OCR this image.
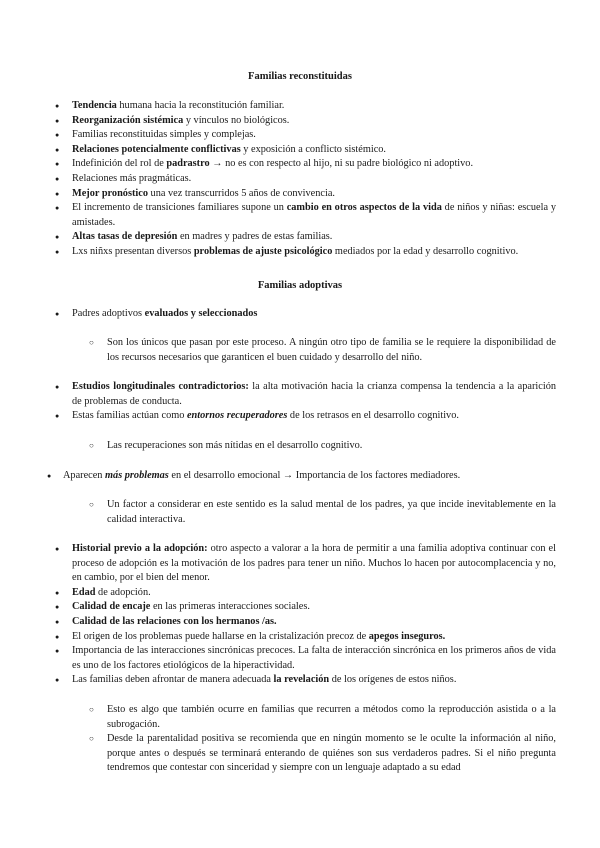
Familias reconstituidas
● Tendencia humana hacia la reconstitución familiar.
● Reorganización sistémica y vínculos no biológicos.
● Familias reconstituidas simples y complejas.
● Relaciones potencialmente conflictivas y exposición a conflicto sistémico.
● Indefinición del rol de padrastro → no es con respecto al hijo, ni su padre biológico ni adoptivo.
● Relaciones más pragmáticas.
● Mejor pronóstico una vez transcurridos 5 años de convivencia.
● El incremento de transiciones familiares supone un cambio en otros aspectos de la vida de niños y niñas: escuela y amistades.
● Altas tasas de depresión en madres y padres de estas familias.
● Lxs niñxs presentan diversos problemas de ajuste psicológico mediados por la edad y desarrollo cognitivo.
Familias adoptivas
● Padres adoptivos evaluados y seleccionados
○ Son los únicos que pasan por este proceso. A ningún otro tipo de familia se le requiere la disponibilidad de los recursos necesarios que garanticen el buen cuidado y desarrollo del niño.
● Estudios longitudinales contradictorios: la alta motivación hacia la crianza compensa la tendencia a la aparición de problemas de conducta.
● Estas familias actúan como entornos recuperadores de los retrasos en el desarrollo cognitivo.
○ Las recuperaciones son más nítidas en el desarrollo cognitivo.
● Aparecen más problemas en el desarrollo emocional → Importancia de los factores mediadores.
○ Un factor a considerar en este sentido es la salud mental de los padres, ya que incide inevitablemente en la calidad interactiva.
● Historial previo a la adopción: otro aspecto a valorar a la hora de permitir a una familia adoptiva continuar con el proceso de adopción es la motivación de los padres para tener un niño. Muchos lo hacen por autocomplacencia y no, en cambio, por el bien del menor.
● Edad de adopción.
● Calidad de encaje en las primeras interacciones sociales.
● Calidad de las relaciones con los hermanos /as.
● El origen de los problemas puede hallarse en la cristalización precoz de apegos inseguros.
● Importancia de las interacciones sincrónicas precoces. La falta de interacción sincrónica en los primeros años de vida es uno de los factores etiológicos de la hiperactividad.
● Las familias deben afrontar de manera adecuada la revelación de los orígenes de estos niños.
○ Esto es algo que también ocurre en familias que recurren a métodos como la reproducción asistida o a la subrogación.
○ Desde la parentalidad positiva se recomienda que en ningún momento se le oculte la información al niño, porque antes o después se terminará enterando de quiénes son sus verdaderos padres. Si el niño pregunta tendremos que contestar con sinceridad y siempre con un lenguaje adaptado a su edad
